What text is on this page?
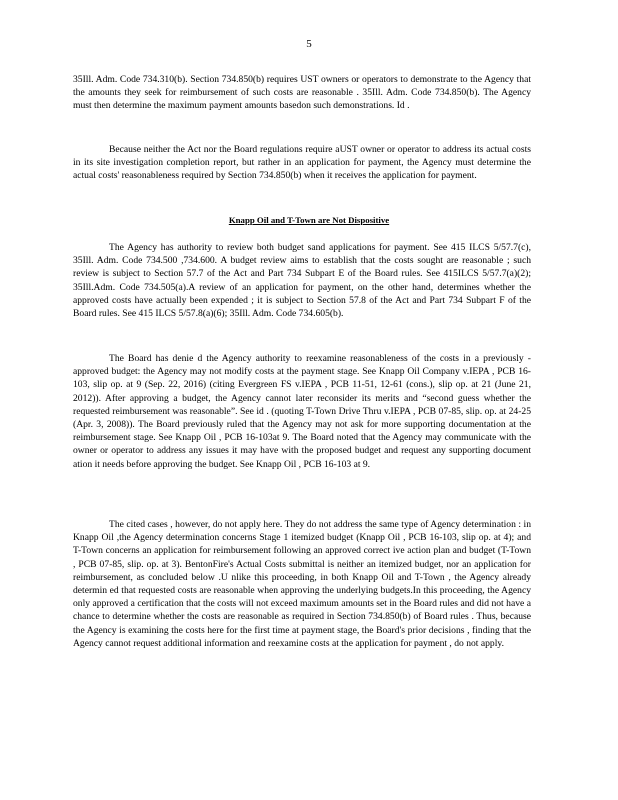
5

35Ill. Adm. Code 734.310(b). Section 734.850(b) requires UST owners or operators to demonstrate to the Agency that the amounts they seek for reimbursement of such costs are reasonable . 35Ill. Adm. Code 734.850(b). The Agency must then determine the maximum payment amounts basedon such demonstrations. Id .

Because neither the Act nor the Board regulations require aUST owner or operator to address its actual costs in its site investigation completion report, but rather in an application for payment, the Agency must determine the actual costs' reasonableness required by Section 734.850(b) when it receives the application for payment.

Knapp Oil and T-Town are Not Dispositive

The Agency has authority to review both budget sand applications for payment. See 415 ILCS 5/57.7(c), 35Ill. Adm. Code 734.500 ,734.600. A budget review aims to establish that the costs sought are reasonable ; such review is subject to Section 57.7 of the Act and Part 734 Subpart E of the Board rules. See 415ILCS 5/57.7(a)(2); 35Ill.Adm. Code 734.505(a).A review of an application for payment, on the other hand, determines whether the approved costs have actually been expended ; it is subject to Section 57.8 of the Act and Part 734 Subpart F of the Board rules. See 415 ILCS 5/57.8(a)(6); 35Ill. Adm. Code 734.605(b).

The Board has denie d the Agency authority to reexamine reasonableness of the costs in a previously -approved budget: the Agency may not modify costs at the payment stage. See Knapp Oil Company v.IEPA , PCB 16-103, slip op. at 9 (Sep. 22, 2016) (citing Evergreen FS v.IEPA , PCB 11-51, 12-61 (cons.), slip op. at 21 (June 21, 2012)). After approving a budget, the Agency cannot later reconsider its merits and “second guess whether the requested reimbursement was reasonable”. See id . (quoting T-Town Drive Thru v.IEPA , PCB 07-85, slip. op. at 24-25 (Apr. 3, 2008)). The Board previously ruled that the Agency may not ask for more supporting documentation at the reimbursement stage. See Knapp Oil , PCB 16-103at 9. The Board noted that the Agency may communicate with the owner or operator to address any issues it may have with the proposed budget and request any supporting document ation it needs before approving the budget. See Knapp Oil , PCB 16-103 at 9.

The cited cases , however, do not apply here. They do not address the same type of Agency determination : in Knapp Oil ,the Agency determination concerns Stage 1 itemized budget (Knapp Oil , PCB 16-103, slip op. at 4); and T-Town concerns an application for reimbursement following an approved correct ive action plan and budget (T-Town , PCB 07-85, slip. op. at 3). BentonFire's Actual Costs submittal is neither an itemized budget, nor an application for reimbursement, as concluded below .U nlike this proceeding, in both Knapp Oil and T-Town , the Agency already determin ed that requested costs are reasonable when approving the underlying budgets.In this proceeding, the Agency only approved a certification that the costs will not exceed maximum amounts set in the Board rules and did not have a chance to determine whether the costs are reasonable as required in Section 734.850(b) of Board rules . Thus, because the Agency is examining the costs here for the first time at payment stage, the Board's prior decisions , finding that the Agency cannot request additional information and reexamine costs at the application for payment , do not apply.
